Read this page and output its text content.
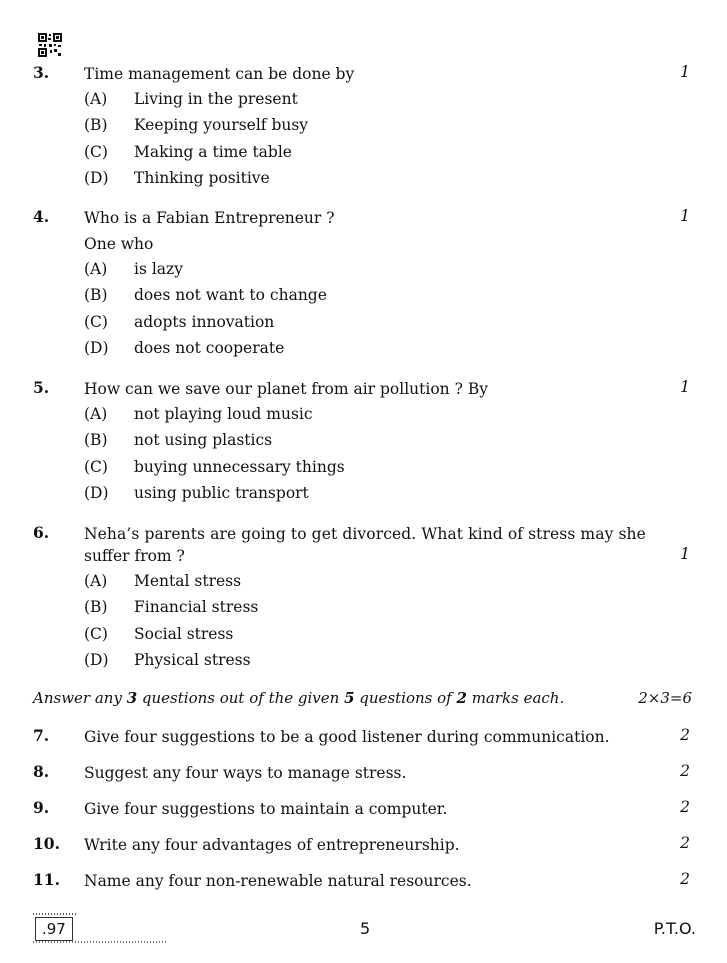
3. Time management can be done by	1
(A) Living in the present
(B) Keeping yourself busy
(C) Making a time table
(D) Thinking positive
4. Who is a Fabian Entrepreneur ?	1
One who
(A) is lazy
(B) does not want to change
(C) adopts innovation
(D) does not cooperate
5. How can we save our planet from air pollution ? By	1
(A) not playing loud music
(B) not using plastics
(C) buying unnecessary things
(D) using public transport
6. Neha’s parents are going to get divorced. What kind of stress may she
suffer from ?	1
(A) Mental stress
(B) Financial stress
(C) Social stress
(D) Physical stress
Answer any 3 questions out of the given 5 questions of 2 marks each.	2×3=6
7. Give four suggestions to be a good listener during communication.	2
8. Suggest any four ways to manage stress.	2
9. Give four suggestions to maintain a computer.	2
10. Write any four advantages of entrepreneurship.	2
11. Name any four non-renewable natural resources.	2
.97	5	P.T.O.
